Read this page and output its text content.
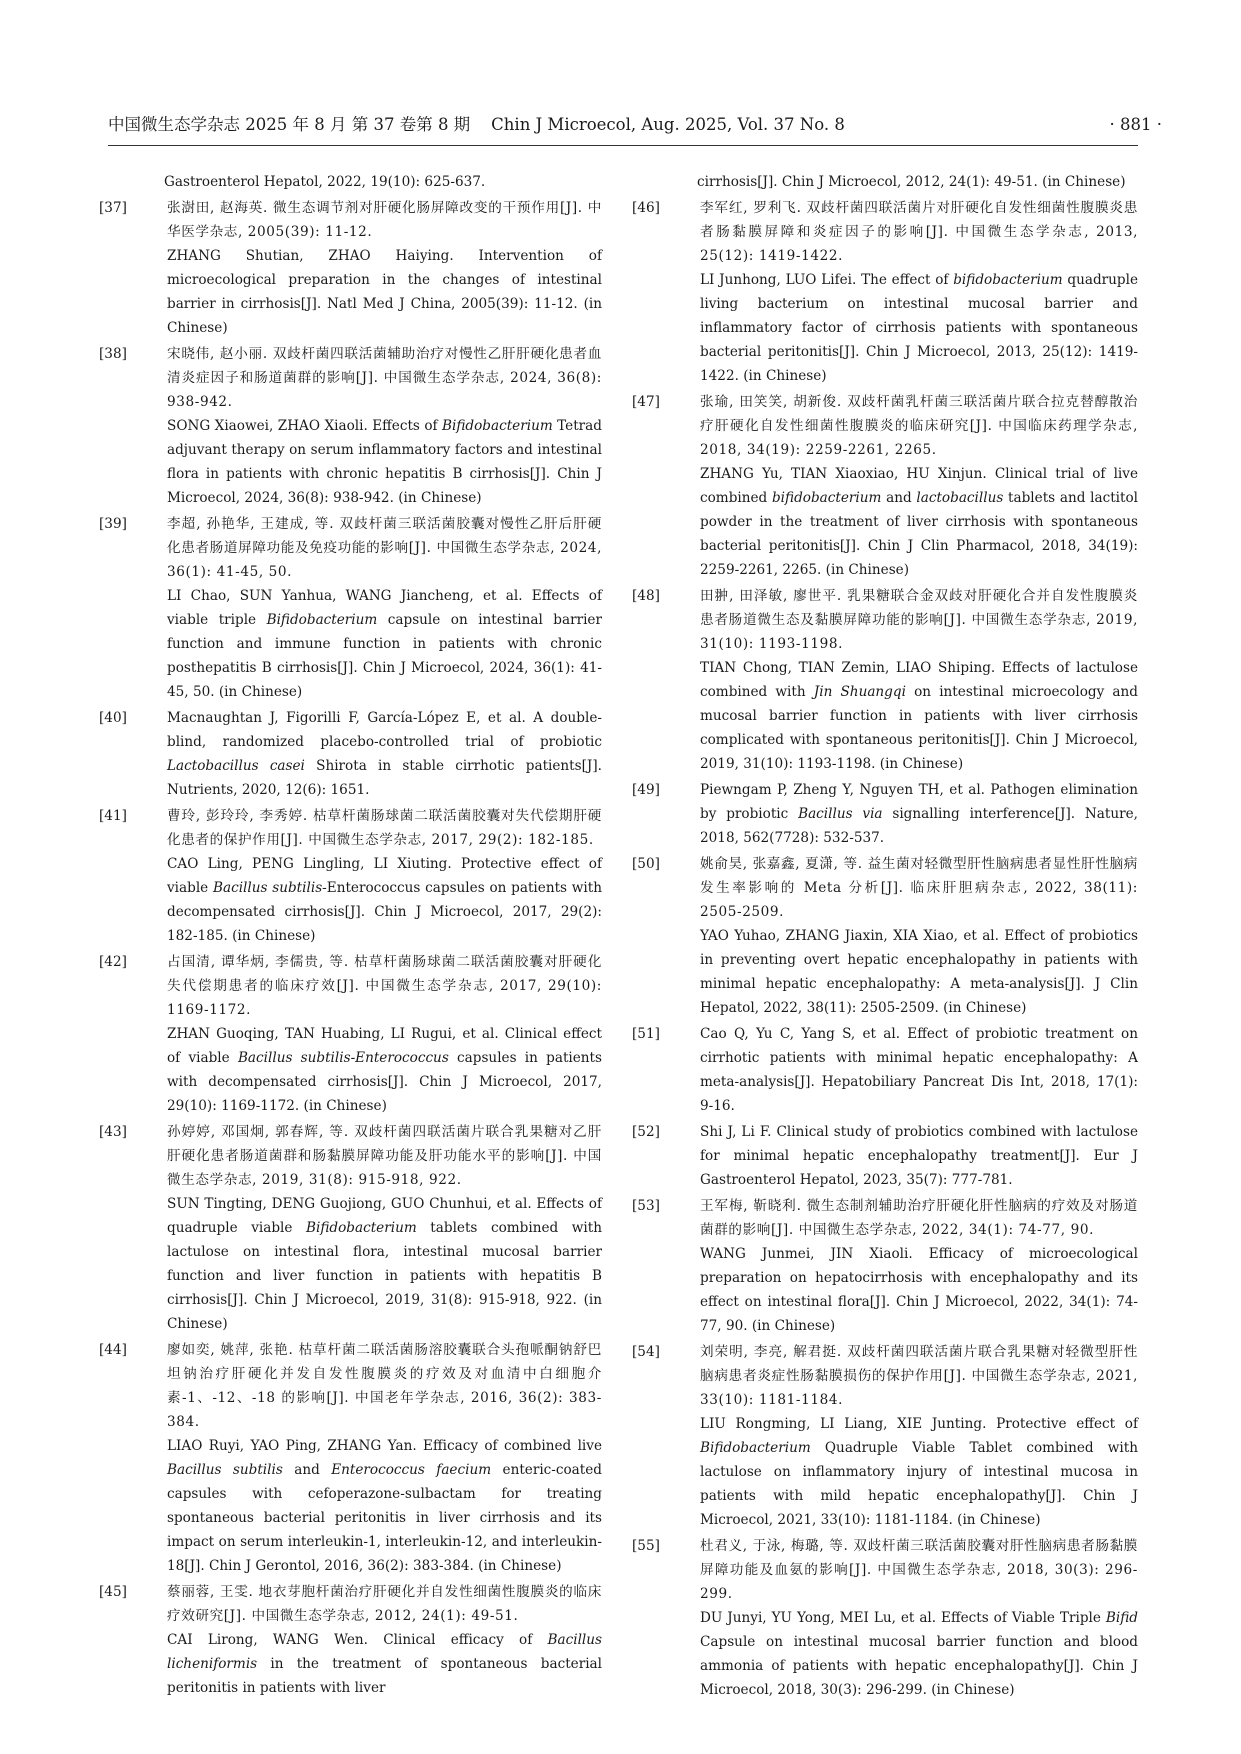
中国微生态学杂志 2025 年 8 月 第 37 卷第 8 期    Chin J Microecol, Aug. 2025, Vol. 37 No. 8	· 881 ·
Gastroenterol Hepatol, 2022, 19(10): 625-637.
[37]	张澍田, 赵海英. 微生态调节剂对肝硬化肠屏障改变的干预作用[J]. 中华医学杂志, 2005(39): 11-12.
ZHANG Shutian, ZHAO Haiying. Intervention of microecological preparation in the changes of intestinal barrier in cirrhosis[J]. Natl Med J China, 2005(39): 11-12. (in Chinese)
[38]	宋晓伟, 赵小丽. 双歧杆菌四联活菌辅助治疗对慢性乙肝肝硬化患者血清炎症因子和肠道菌群的影响[J]. 中国微生态学杂志, 2024, 36(8): 938-942.
SONG Xiaowei, ZHAO Xiaoli. Effects of Bifidobacterium Tetrad adjuvant therapy on serum inflammatory factors and intestinal flora in patients with chronic hepatitis B cirrhosis[J]. Chin J Microecol, 2024, 36(8): 938-942. (in Chinese)
[39]	李超, 孙艳华, 王建成, 等. 双歧杆菌三联活菌胶囊对慢性乙肝后肝硬化患者肠道屏障功能及免疫功能的影响[J]. 中国微生态学杂志, 2024, 36(1): 41-45, 50.
LI Chao, SUN Yanhua, WANG Jiancheng, et al. Effects of viable triple Bifidobacterium capsule on intestinal barrier function and immune function in patients with chronic posthepatitis B cirrhosis[J]. Chin J Microecol, 2024, 36(1): 41-45, 50. (in Chinese)
[40]	Macnaughtan J, Figorilli F, García-López E, et al. A double-blind, randomized placebo-controlled trial of probiotic Lactobacillus casei Shirota in stable cirrhotic patients[J]. Nutrients, 2020, 12(6): 1651.
[41]	曹玲, 彭玲玲, 李秀婷. 枯草杆菌肠球菌二联活菌胶囊对失代偿期肝硬化患者的保护作用[J]. 中国微生态学杂志, 2017, 29(2): 182-185.
CAO Ling, PENG Lingling, LI Xiuting. Protective effect of viable Bacillus subtilis-Enterococcus capsules on patients with decompensated cirrhosis[J]. Chin J Microecol, 2017, 29(2): 182-185. (in Chinese)
[42]	占国清, 谭华炳, 李儒贵, 等. 枯草杆菌肠球菌二联活菌胶囊对肝硬化失代偿期患者的临床疗效[J]. 中国微生态学杂志, 2017, 29(10): 1169-1172.
ZHAN Guoqing, TAN Huabing, LI Rugui, et al. Clinical effect of viable Bacillus subtilis-Enterococcus capsules in patients with decompensated cirrhosis[J]. Chin J Microecol, 2017, 29(10): 1169-1172. (in Chinese)
[43]	孙婷婷, 邓国炯, 郭春辉, 等. 双歧杆菌四联活菌片联合乳果糖对乙肝肝硬化患者肠道菌群和肠黏膜屏障功能及肝功能水平的影响[J]. 中国微生态学杂志, 2019, 31(8): 915-918, 922.
SUN Tingting, DENG Guojiong, GUO Chunhui, et al. Effects of quadruple viable Bifidobacterium tablets combined with lactulose on intestinal flora, intestinal mucosal barrier function and liver function in patients with hepatitis B cirrhosis[J]. Chin J Microecol, 2019, 31(8): 915-918, 922. (in Chinese)
[44]	廖如奕, 姚萍, 张艳. 枯草杆菌二联活菌肠溶胶囊联合头孢哌酮钠舒巴坦钠治疗肝硬化并发自发性腹膜炎的疗效及对血清中白细胞介素-1、-12、-18 的影响[J]. 中国老年学杂志, 2016, 36(2): 383-384.
LIAO Ruyi, YAO Ping, ZHANG Yan. Efficacy of combined live Bacillus subtilis and Enterococcus faecium enteric-coated capsules with cefoperazone-sulbactam for treating spontaneous bacterial peritonitis in liver cirrhosis and its impact on serum interleukin-1, interleukin-12, and interleukin-18[J]. Chin J Gerontol, 2016, 36(2): 383-384. (in Chinese)
[45]	蔡丽蓉, 王雯. 地衣芽胞杆菌治疗肝硬化并自发性细菌性腹膜炎的临床疗效研究[J]. 中国微生态学杂志, 2012, 24(1): 49-51.
CAI Lirong, WANG Wen. Clinical efficacy of Bacillus licheniformis in the treatment of spontaneous bacterial peritonitis in patients with liver
cirrhosis[J]. Chin J Microecol, 2012, 24(1): 49-51. (in Chinese)
[46]	李军红, 罗利飞. 双歧杆菌四联活菌片对肝硬化自发性细菌性腹膜炎患者肠黏膜屏障和炎症因子的影响[J]. 中国微生态学杂志, 2013, 25(12): 1419-1422.
LI Junhong, LUO Lifei. The effect of bifidobacterium quadruple living bacterium on intestinal mucosal barrier and inflammatory factor of cirrhosis patients with spontaneous bacterial peritonitis[J]. Chin J Microecol, 2013, 25(12): 1419-1422. (in Chinese)
[47]	张瑜, 田笑笑, 胡新俊. 双歧杆菌乳杆菌三联活菌片联合拉克替醇散治疗肝硬化自发性细菌性腹膜炎的临床研究[J]. 中国临床药理学杂志, 2018, 34(19): 2259-2261, 2265.
ZHANG Yu, TIAN Xiaoxiao, HU Xinjun. Clinical trial of live combined bifidobacterium and lactobacillus tablets and lactitol powder in the treatment of liver cirrhosis with spontaneous bacterial peritonitis[J]. Chin J Clin Pharmacol, 2018, 34(19): 2259-2261, 2265. (in Chinese)
[48]	田翀, 田泽敏, 廖世平. 乳果糖联合金双歧对肝硬化合并自发性腹膜炎患者肠道微生态及黏膜屏障功能的影响[J]. 中国微生态学杂志, 2019, 31(10): 1193-1198.
TIAN Chong, TIAN Zemin, LIAO Shiping. Effects of lactulose combined with Jin Shuangqi on intestinal microecology and mucosal barrier function in patients with liver cirrhosis complicated with spontaneous peritonitis[J]. Chin J Microecol, 2019, 31(10): 1193-1198. (in Chinese)
[49]	Piewngam P, Zheng Y, Nguyen TH, et al. Pathogen elimination by probiotic Bacillus via signalling interference[J]. Nature, 2018, 562(7728): 532-537.
[50]	姚俞昊, 张嘉鑫, 夏潇, 等. 益生菌对轻微型肝性脑病患者显性肝性脑病发生率影响的 Meta 分析[J]. 临床肝胆病杂志, 2022, 38(11): 2505-2509.
YAO Yuhao, ZHANG Jiaxin, XIA Xiao, et al. Effect of probiotics in preventing overt hepatic encephalopathy in patients with minimal hepatic encephalopathy: A meta-analysis[J]. J Clin Hepatol, 2022, 38(11): 2505-2509. (in Chinese)
[51]	Cao Q, Yu C, Yang S, et al. Effect of probiotic treatment on cirrhotic patients with minimal hepatic encephalopathy: A meta-analysis[J]. Hepatobiliary Pancreat Dis Int, 2018, 17(1): 9-16.
[52]	Shi J, Li F. Clinical study of probiotics combined with lactulose for minimal hepatic encephalopathy treatment[J]. Eur J Gastroenterol Hepatol, 2023, 35(7): 777-781.
[53]	王军梅, 靳晓利. 微生态制剂辅助治疗肝硬化肝性脑病的疗效及对肠道菌群的影响[J]. 中国微生态学杂志, 2022, 34(1): 74-77, 90.
WANG Junmei, JIN Xiaoli. Efficacy of microecological preparation on hepatocirrhosis with encephalopathy and its effect on intestinal flora[J]. Chin J Microecol, 2022, 34(1): 74-77, 90. (in Chinese)
[54]	刘荣明, 李亮, 解君挺. 双歧杆菌四联活菌片联合乳果糖对轻微型肝性脑病患者炎症性肠黏膜损伤的保护作用[J]. 中国微生态学杂志, 2021, 33(10): 1181-1184.
LIU Rongming, LI Liang, XIE Junting. Protective effect of Bifidobacterium Quadruple Viable Tablet combined with lactulose on inflammatory injury of intestinal mucosa in patients with mild hepatic encephalopathy[J]. Chin J Microecol, 2021, 33(10): 1181-1184. (in Chinese)
[55]	杜君义, 于泳, 梅璐, 等. 双歧杆菌三联活菌胶囊对肝性脑病患者肠黏膜屏障功能及血氨的影响[J]. 中国微生态学杂志, 2018, 30(3): 296-299.
DU Junyi, YU Yong, MEI Lu, et al. Effects of Viable Triple Bifid Capsule on intestinal mucosal barrier function and blood ammonia of patients with hepatic encephalopathy[J]. Chin J Microecol, 2018, 30(3): 296-299. (in Chinese)
